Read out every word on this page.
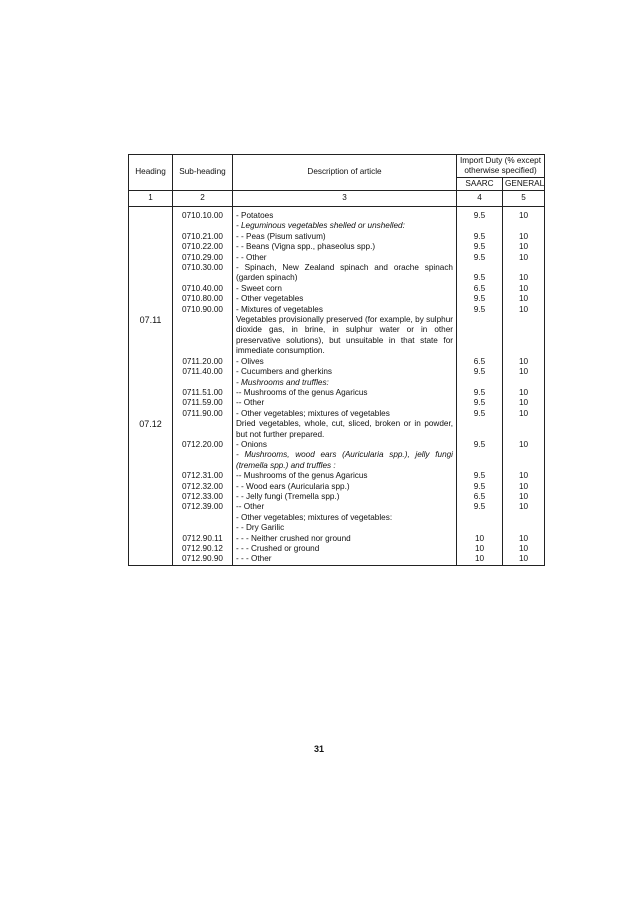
Heading	Sub-heading	Description of article	Import Duty (% except otherwise specified)	
			SAARC	GENERAL
1	2	3	4	5
	0710.10.00	- Potatoes	9.5	10
		- Leguminous vegetables shelled or unshelled:		
	0710.21.00	- - Peas (Pisum sativum)	9.5	10
	0710.22.00	- - Beans (Vigna spp., phaseolus spp.)	9.5	10
	0710.29.00	- - Other	9.5	10
	0710.30.00	- Spinach, New Zealand spinach and orache spinach (garden spinach)	9.5	10
	0710.40.00	- Sweet corn	6.5	10
	0710.80.00	- Other vegetables	9.5	10
	0710.90.00	- Mixtures of vegetables	9.5	10
07.11		Vegetables provisionally preserved (for example, by sulphur dioxide gas, in brine, in sulphur water or in other preservative solutions), but unsuitable in that state for immediate consumption.		
	0711.20.00	- Olives	6.5	10
	0711.40.00	- Cucumbers and gherkins	9.5	10
		- Mushrooms and truffles:		
	0711.51.00	-- Mushrooms of the genus Agaricus	9.5	10
	0711.59.00	-- Other	9.5	10
	0711.90.00	- Other vegetables; mixtures of vegetables	9.5	10
07.12		Dried vegetables, whole, cut, sliced, broken or in powder, but not further prepared.		
	0712.20.00	- Onions	9.5	10
		- Mushrooms, wood ears (Auricularia spp.), jelly fungi (tremella spp.) and truffles :		
	0712.31.00	-- Mushrooms of the genus Agaricus	9.5	10
	0712.32.00	- - Wood ears (Auricularia spp.)	9.5	10
	0712.33.00	- - Jelly fungi (Tremella spp.)	6.5	10
	0712.39.00	-- Other	9.5	10
		- Other vegetables; mixtures of vegetables:		
		- - Dry Garilic		
	0712.90.11	- - - Neither crushed nor ground	10	10
	0712.90.12	- - - Crushed or ground	10	10
	0712.90.90	- - - Other	10	10
31
